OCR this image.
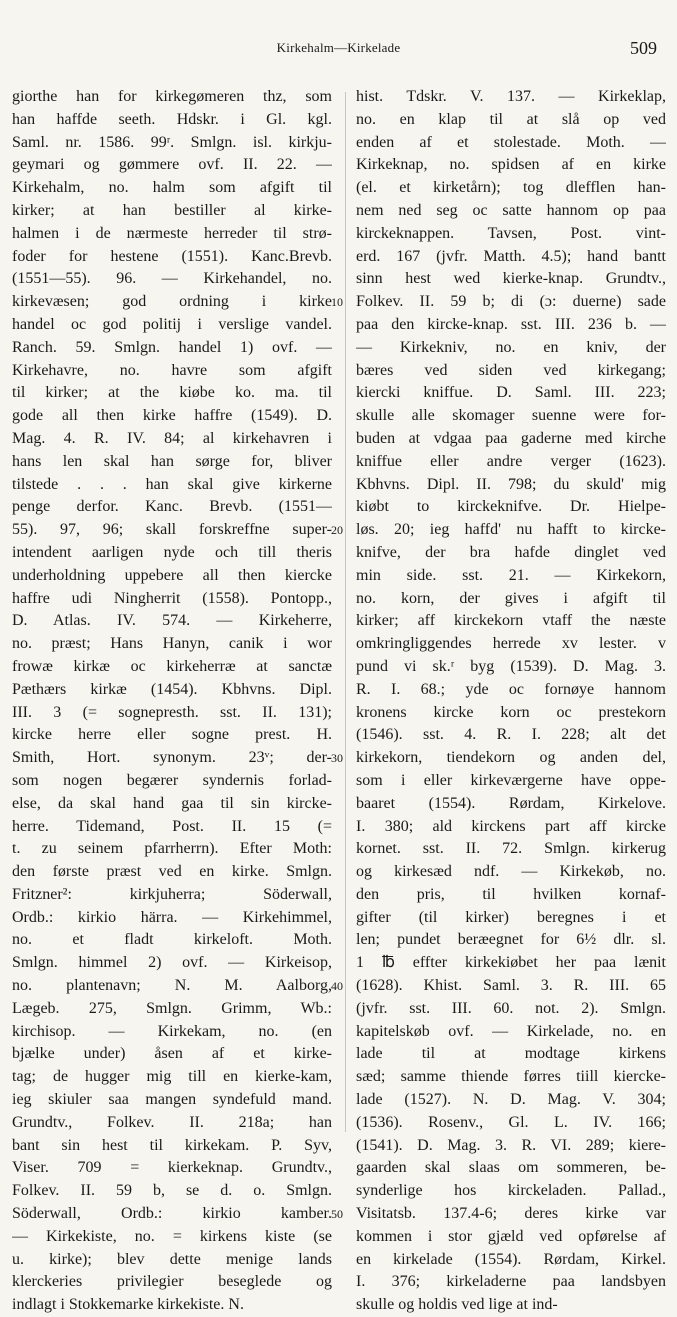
Kirkehalm—Kirkelade	509
giorthe han for kirkegømeren thz, som
han haffde seeth. Hdskr. i Gl. kgl.
Saml. nr. 1586. 99ʳ. Smlgn. isl. kirkju-
geymari og gømmere ovf. II. 22. —
Kirkehalm, no. halm som afgift til
kirker; at han bestiller al kirke-
halmen i de nærmeste herreder til strø-
foder for hestene (1551). Kanc.Brevb.
(1551—55). 96. — Kirkehandel, no.
kirkevæsen; god ordning i kirke
handel oc god politij i verslige vandel.
Ranch. 59. Smlgn. handel 1) ovf. —
Kirkehavre, no. havre som afgift
til kirker; at the kiøbe ko. ma. til
gode all then kirke haffre (1549). D.
Mag. 4. R. IV. 84; al kirkehavren i
hans len skal han sørge for, bliver
tilstede . . . han skal give kirkerne
penge derfor. Kanc. Brevb. (1551—
55). 97, 96; skall forskreffne super-
intendent aarligen nyde och till theris
underholdning uppebere all then kiercke
haffre udi Ningherrit (1558). Pontopp.,
D. Atlas. IV. 574. — Kirkeherre,
no. præst; Hans Hanyn, canik i wor
frowæ kirkæ oc kirkeherræ at sanctæ
Pæthærs kirkæ (1454). Kbhvns. Dipl.
III. 3 (= sognepresth. sst. II. 131);
kircke herre eller sogne prest. H.
Smith, Hort. synonym. 23ᵛ; der-
som nogen begærer syndernis forlad-
else, da skal hand gaa til sin kircke-
herre. Tidemand, Post. II. 15 (=
t. zu seinem pfarrherrn). Efter Moth:
den første præst ved en kirke. Smlgn.
Fritzner²: kirkjuherra; Söderwall,
Ordb.: kirkio härra. — Kirkehimmel,
no. et fladt kirkeloft. Moth.
Smlgn. himmel 2) ovf. — Kirkeisop,
no. plantenavn; N. M. Aalborg,
Lægeb. 275, Smlgn. Grimm, Wb.:
kirchisop. — Kirkekam, no. (en
bjælke under) åsen af et kirke-
tag; de hugger mig till en kierke-kam,
ieg skiuler saa mangen syndefuld mand.
Grundtv., Folkev. II. 218a; han
bant sin hest til kirkekam. P. Syv,
Viser. 709 = kierkeknap. Grundtv.,
Folkev. II. 59 b, se d. o. Smlgn.
Söderwall, Ordb.: kirkio kamber.
— Kirkekiste, no. = kirkens kiste (se
u. kirke); blev dette menige lands
klerckeries privilegier beseglede og
indlagt i Stokkemarke kirkekiste. N.
hist. Tdskr. V. 137. — Kirkeklap,
no. en klap til at slå op ved
enden af et stolestade. Moth. —
Kirkeknap, no. spidsen af en kirke
(el. et kirketårn); tog dlefflen han-
nem ned seg oc satte hannom op paa
kirckeknappen. Tavsen, Post. vint-
erd. 167 (jvfr. Matth. 4.5); hand bantt
sinn hest wed kierke-knap. Grundtv.,
Folkev. II. 59 b; di (ɔ: duerne) sade
paa den kircke-knap. sst. III. 236 b. —
— Kirkekniv, no. en kniv, der
bæres ved siden ved kirkegang;
kiercki kniffue. D. Saml. III. 223;
skulle alle skomager suenne were for-
buden at vdgaa paa gaderne med kirche
kniffue eller andre verger (1623).
Kbhvns. Dipl. II. 798; du skuld' mig
kiøbt to kirckeknifve. Dr. Hielpe-
løs. 20; ieg haffd' nu hafft to kircke-
knifve, der bra hafde dinglet ved
min side. sst. 21. — Kirkekorn,
no. korn, der gives i afgift til
kirker; aff kirckekorn vtaff the næste
omkringliggendes herrede xv lester. v
pund vi sk.ʳ byg (1539). D. Mag. 3.
R. I. 68.; yde oc fornøye hannom
kronens kircke korn oc prestekorn
(1546). sst. 4. R. I. 228; alt det
kirkekorn, tiendekorn og anden del,
som i eller kirkeværgerne have oppe-
baaret (1554). Rørdam, Kirkelove.
I. 380; ald kirckens part aff kircke
kornet. sst. II. 72. Smlgn. kirkerug
og kirkesæd ndf. — Kirkekøb, no.
den pris, til hvilken kornaf-
gifter (til kirker) beregnes i et
len; pundet beræegnet for 6½ dlr. sl.
1 ℔ effter kirkekiøbet her paa lænit
(1628). Khist. Saml. 3. R. III. 65
(jvfr. sst. III. 60. not. 2). Smlgn.
kapitelskøb ovf. — Kirkelade, no. en
lade til at modtage kirkens
sæd; samme thiende førres tiill kiercke-
lade (1527). N. D. Mag. V. 304;
(1536). Rosenv., Gl. L. IV. 166;
(1541). D. Mag. 3. R. VI. 289; kiere-
gaarden skal slaas om sommeren, be-
synderlige hos kirckeladen. Pallad.,
Visitatsb. 137.4-6; deres kirke var
kommen i stor gjæld ved opførelse af
en kirkelade (1554). Rørdam, Kirkel.
I. 376; kirkeladerne paa landsbyen
skulle og holdis ved lige at ind-
10
20
30
40
50
